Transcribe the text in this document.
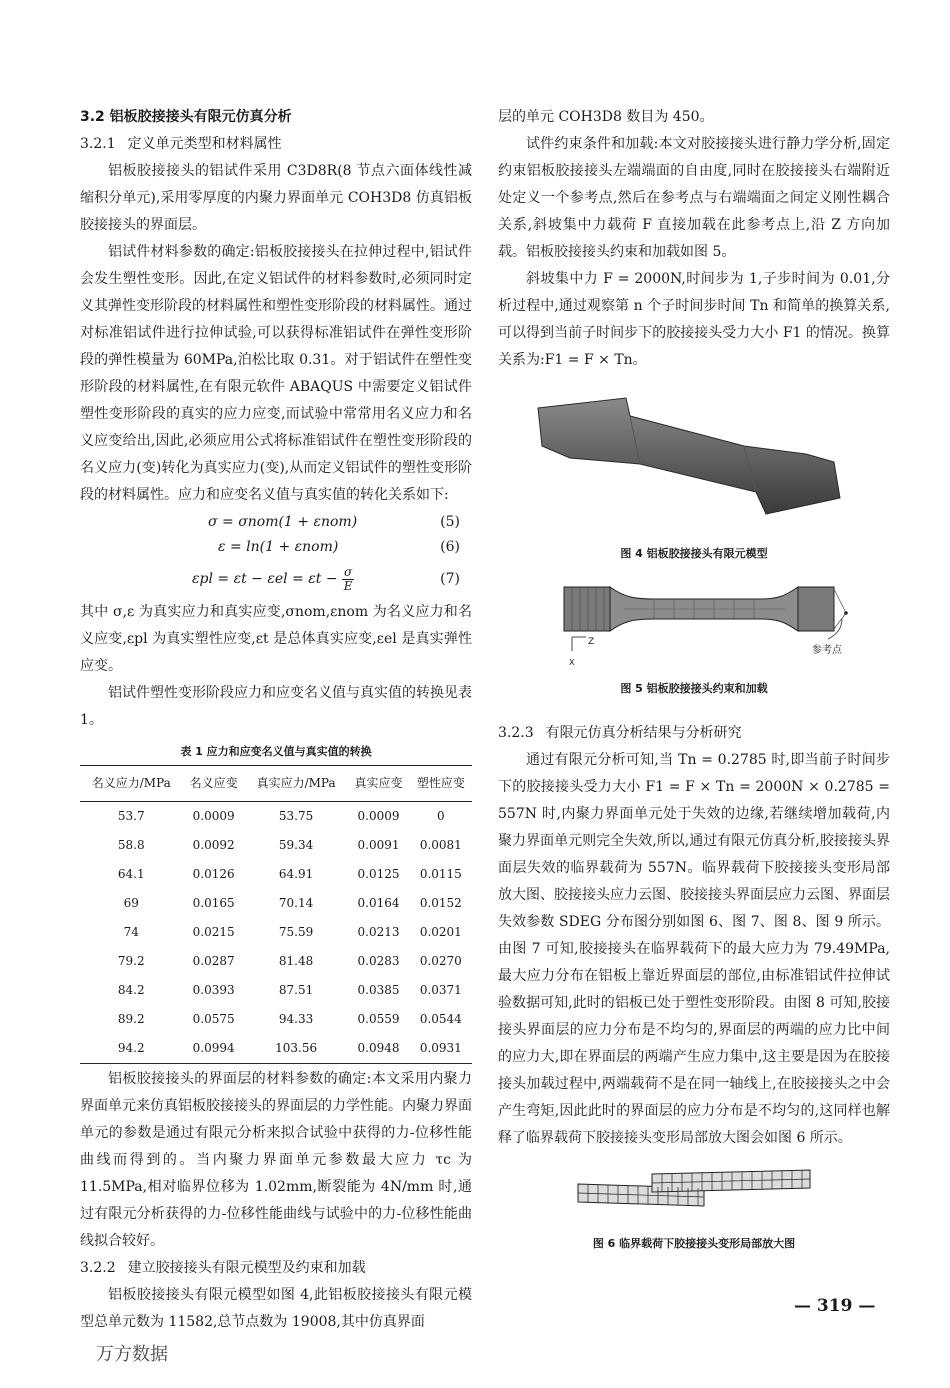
3.2 铝板胶接接头有限元仿真分析
3.2.1 定义单元类型和材料属性

铝板胶接接头的铝试件采用 C3D8R(8 节点六面体线性减缩积分单元),采用零厚度的内聚力界面单元 COH3D8 仿真铝板胶接接头的界面层。

铝试件材料参数的确定:铝板胶接接头在拉伸过程中,铝试件会发生塑性变形。因此,在定义铝试件的材料参数时,必须同时定义其弹性变形阶段的材料属性和塑性变形阶段的材料属性。通过对标准铝试件进行拉伸试验,可以获得标准铝试件在弹性变形阶段的弹性模量为 60MPa,泊松比取 0.31。对于铝试件在塑性变形阶段的材料属性,在有限元软件 ABAQUS 中需要定义铝试件塑性变形阶段的真实的应力应变,而试验中常常用名义应力和名义应变给出,因此,必须应用公式将标准铝试件在塑性变形阶段的名义应力(变)转化为真实应力(变),从而定义铝试件的塑性变形阶段的材料属性。应力和应变名义值与真实值的转化关系如下:

σ = σnom(1 + εnom)	(5)
ε = ln(1 + εnom)	(6)
$\varepsilon pl = \varepsilon t - \varepsilon el = \varepsilon t - \frac{\sigma}{E}$	(7)

其中 σ,ε 为真实应力和真实应变,σnom,εnom 为名义应力和名义应变,εpl 为真实塑性应变,εt 是总体真实应变,εel 是真实弹性应变。

铝试件塑性变形阶段应力和应变名义值与真实值的转换见表 1。

表 1 应力和应变名义值与真实值的转换
名义应力/MPa	名义应变	真实应力/MPa	真实应变	塑性应变
53.7	0.0009	53.75	0.0009	0
58.8	0.0092	59.34	0.0091	0.0081
64.1	0.0126	64.91	0.0125	0.0115
69	0.0165	70.14	0.0164	0.0152
74	0.0215	75.59	0.0213	0.0201
79.2	0.0287	81.48	0.0283	0.0270
84.2	0.0393	87.51	0.0385	0.0371
89.2	0.0575	94.33	0.0559	0.0544
94.2	0.0994	103.56	0.0948	0.0931

铝板胶接接头的界面层的材料参数的确定:本文采用内聚力界面单元来仿真铝板胶接接头的界面层的力学性能。内聚力界面单元的参数是通过有限元分析来拟合试验中获得的力-位移性能曲线而得到的。当内聚力界面单元参数最大应力 τc 为 11.5MPa,相对临界位移为 1.02mm,断裂能为 4N/mm 时,通过有限元分析获得的力-位移性能曲线与试验中的力-位移性能曲线拟合较好。

3.2.2 建立胶接接头有限元模型及约束和加载

铝板胶接接头有限元模型如图 4,此铝板胶接接头有限元模型总单元数为 11582,总节点数为 19008,其中仿真界面

层的单元 COH3D8 数目为 450。

试件约束条件和加载:本文对胶接接头进行静力学分析,固定约束铝板胶接接头左端端面的自由度,同时在胶接接头右端附近处定义一个参考点,然后在参考点与右端端面之间定义刚性耦合关系,斜坡集中力载荷 F 直接加载在此参考点上,沿 Z 方向加载。铝板胶接接头约束和加载如图 5。

斜坡集中力 F = 2000N,时间步为 1,子步时间为 0.01,分析过程中,通过观察第 n 个子时间步时间 Tn 和简单的换算关系,可以得到当前子时间步下的胶接接头受力大小 F1 的情况。换算关系为:F1 = F × Tn。

图 4 铝板胶接接头有限元模型
Z
X
参考点
图 5 铝板胶接接头约束和加载
3.2.3 有限元仿真分析结果与分析研究

通过有限元分析可知,当 Tn = 0.2785 时,即当前子时间步下的胶接接头受力大小 F1 = F × Tn = 2000N × 0.2785 = 557N 时,内聚力界面单元处于失效的边缘,若继续增加载荷,内聚力界面单元则完全失效,所以,通过有限元仿真分析,胶接接头界面层失效的临界载荷为 557N。临界载荷下胶接接头变形局部放大图、胶接接头应力云图、胶接接头界面层应力云图、界面层失效参数 SDEG 分布图分别如图 6、图 7、图 8、图 9 所示。由图 7 可知,胶接接头在临界载荷下的最大应力为 79.49MPa,最大应力分布在铝板上靠近界面层的部位,由标准铝试件拉伸试验数据可知,此时的铝板已处于塑性变形阶段。由图 8 可知,胶接接头界面层的应力分布是不均匀的,界面层的两端的应力比中间的应力大,即在界面层的两端产生应力集中,这主要是因为在胶接接头加载过程中,两端载荷不是在同一轴线上,在胶接接头之中会产生弯矩,因此此时的界面层的应力分布是不均匀的,这同样也解释了临界载荷下胶接接头变形局部放大图会如图 6 所示。

图 6 临界载荷下胶接接头变形局部放大图
— 319 —
万方数据
